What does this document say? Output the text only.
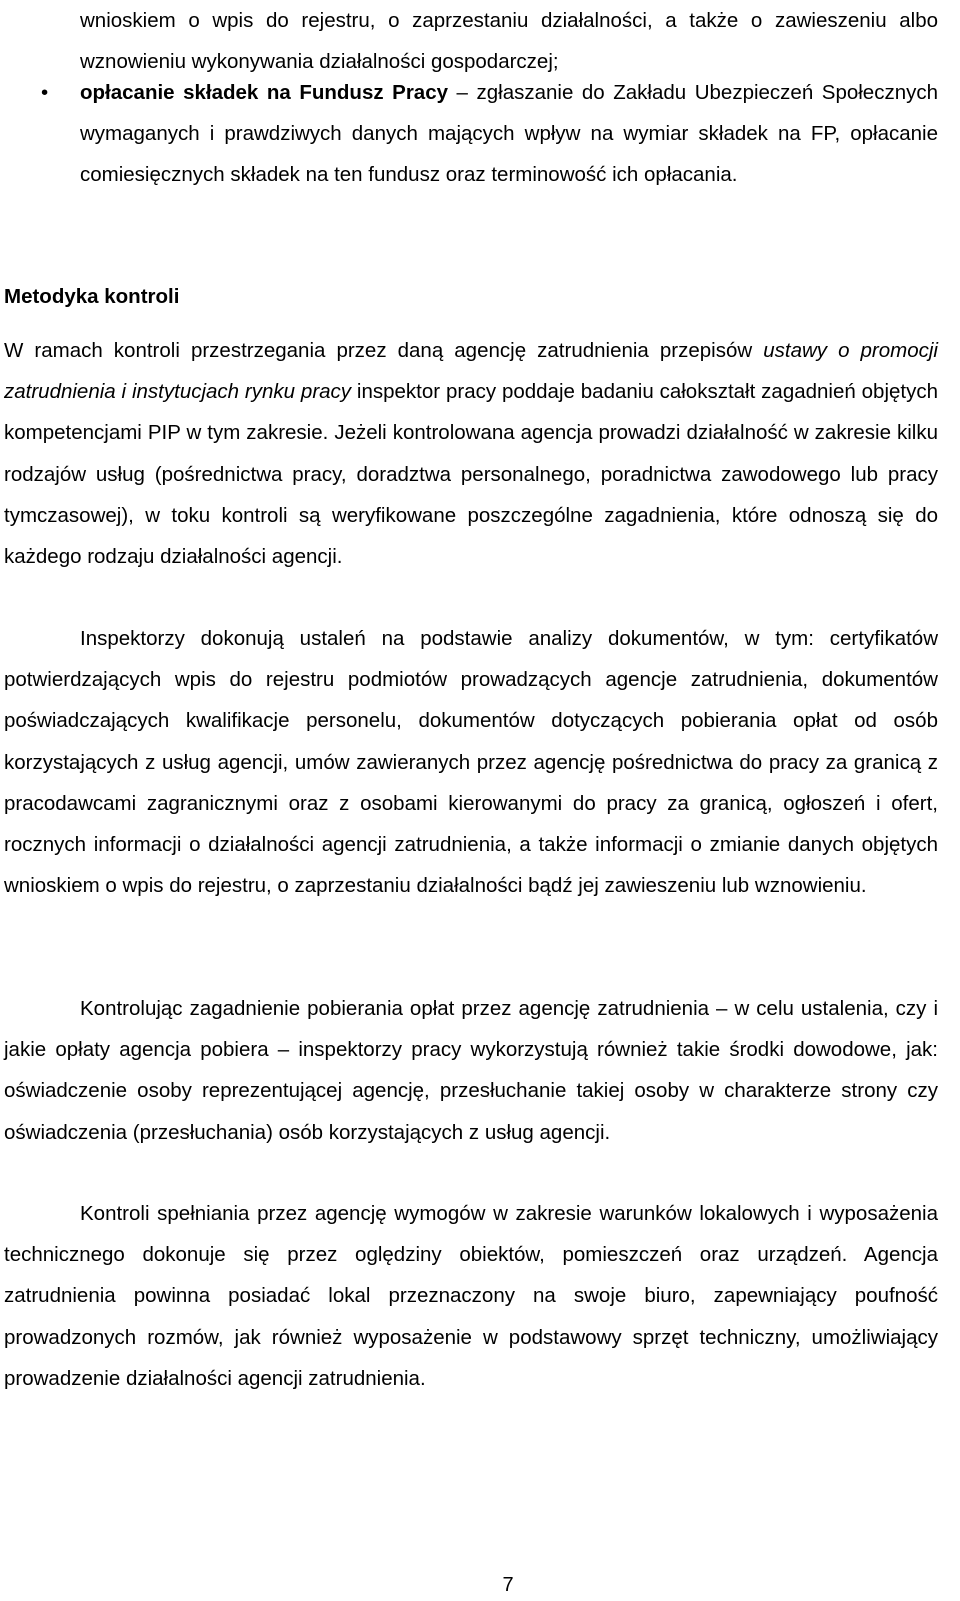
wnioskiem o wpis do rejestru, o zaprzestaniu działalności, a także o zawieszeniu albo wznowieniu wykonywania działalności gospodarczej;
• opłacanie składek na Fundusz Pracy – zgłaszanie do Zakładu Ubezpieczeń Społecznych wymaganych i prawdziwych danych mających wpływ na wymiar składek na FP, opłacanie comiesięcznych składek na ten fundusz oraz terminowość ich opłacania.
Metodyka kontroli
W ramach kontroli przestrzegania przez daną agencję zatrudnienia przepisów ustawy o promocji zatrudnienia i instytucjach rynku pracy inspektor pracy poddaje badaniu całokształt zagadnień objętych kompetencjami PIP w tym zakresie. Jeżeli kontrolowana agencja prowadzi działalność w zakresie kilku rodzajów usług (pośrednictwa pracy, doradztwa personalnego, poradnictwa zawodowego lub pracy tymczasowej), w toku kontroli są weryfikowane poszczególne zagadnienia, które odnoszą się do każdego rodzaju działalności agencji.
Inspektorzy dokonują ustaleń na podstawie analizy dokumentów, w tym: certyfikatów potwierdzających wpis do rejestru podmiotów prowadzących agencje zatrudnienia, dokumentów poświadczających kwalifikacje personelu, dokumentów dotyczących pobierania opłat od osób korzystających z usług agencji, umów zawieranych przez agencję pośrednictwa do pracy za granicą z pracodawcami zagranicznymi oraz z osobami kierowanymi do pracy za granicą, ogłoszeń i ofert, rocznych informacji o działalności agencji zatrudnienia, a także informacji o zmianie danych objętych wnioskiem o wpis do rejestru, o zaprzestaniu działalności bądź jej zawieszeniu lub wznowieniu.
Kontrolując zagadnienie pobierania opłat przez agencję zatrudnienia – w celu ustalenia, czy i jakie opłaty agencja pobiera – inspektorzy pracy wykorzystują również takie środki dowodowe, jak: oświadczenie osoby reprezentującej agencję, przesłuchanie takiej osoby w charakterze strony czy oświadczenia (przesłuchania) osób korzystających z usług agencji.
Kontroli spełniania przez agencję wymogów w zakresie warunków lokalowych i wyposażenia technicznego dokonuje się przez oględziny obiektów, pomieszczeń oraz urządzeń. Agencja zatrudnienia powinna posiadać lokal przeznaczony na swoje biuro, zapewniający poufność prowadzonych rozmów, jak również wyposażenie w podstawowy sprzęt techniczny, umożliwiający prowadzenie działalności agencji zatrudnienia.
7
